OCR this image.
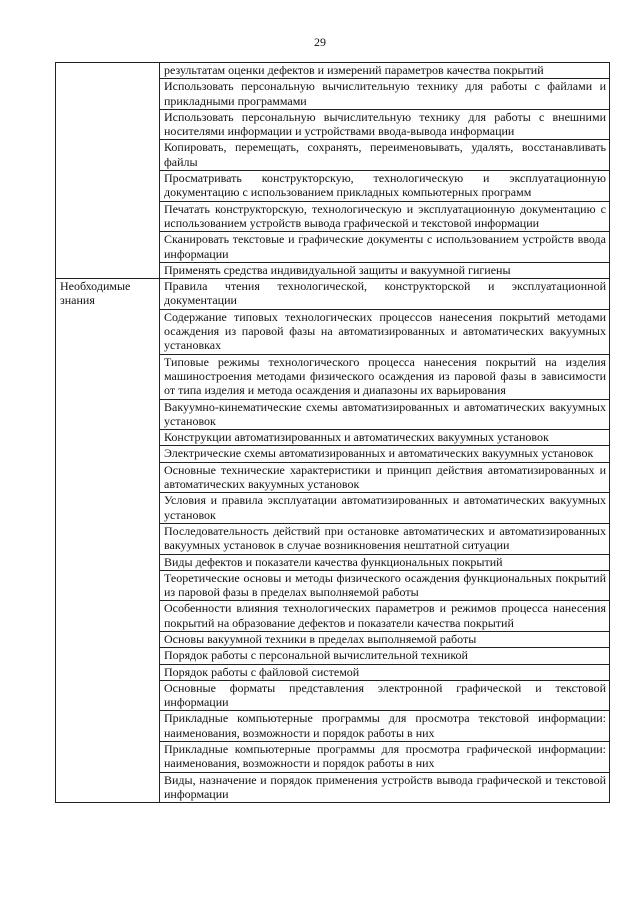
29
	результатам оценки дефектов и измерений параметров качества покрытий
	Использовать персональную вычислительную технику для работы с файлами и прикладными программами
	Использовать персональную вычислительную технику для работы с внешними носителями информации и устройствами ввода-вывода информации
	Копировать, перемещать, сохранять, переименовывать, удалять, восстанавливать файлы
	Просматривать конструкторскую, технологическую и эксплуатационную документацию с использованием прикладных компьютерных программ
	Печатать конструкторскую, технологическую и эксплуатационную документацию с использованием устройств вывода графической и текстовой информации
	Сканировать текстовые и графические документы с использованием устройств ввода информации
	Применять средства индивидуальной защиты и вакуумной гигиены
Необходимые знания	Правила чтения технологической, конструкторской и эксплуатационной документации
	Содержание типовых технологических процессов нанесения покрытий методами осаждения из паровой фазы на автоматизированных и автоматических вакуумных установках
	Типовые режимы технологического процесса нанесения покрытий на изделия машиностроения методами физического осаждения из паровой фазы в зависимости от типа изделия и метода осаждения и диапазоны их варьирования
	Вакуумно-кинематические схемы автоматизированных и автоматических вакуумных установок
	Конструкции автоматизированных и автоматических вакуумных установок
	Электрические схемы автоматизированных и автоматических вакуумных установок
	Основные технические характеристики и принцип действия автоматизированных и автоматических вакуумных установок
	Условия и правила эксплуатации автоматизированных и автоматических вакуумных установок
	Последовательность действий при остановке автоматических и автоматизированных вакуумных установок в случае возникновения нештатной ситуации
	Виды дефектов и показатели качества функциональных покрытий
	Теоретические основы и методы физического осаждения функциональных покрытий из паровой фазы в пределах выполняемой работы
	Особенности влияния технологических параметров и режимов процесса нанесения покрытий на образование дефектов и показатели качества покрытий
	Основы вакуумной техники в пределах выполняемой работы
	Порядок работы с персональной вычислительной техникой
	Порядок работы с файловой системой
	Основные форматы представления электронной графической и текстовой информации
	Прикладные компьютерные программы для просмотра текстовой информации: наименования, возможности и порядок работы в них
	Прикладные компьютерные программы для просмотра графической информации: наименования, возможности и порядок работы в них
	Виды, назначение и порядок применения устройств вывода графической и текстовой информации
